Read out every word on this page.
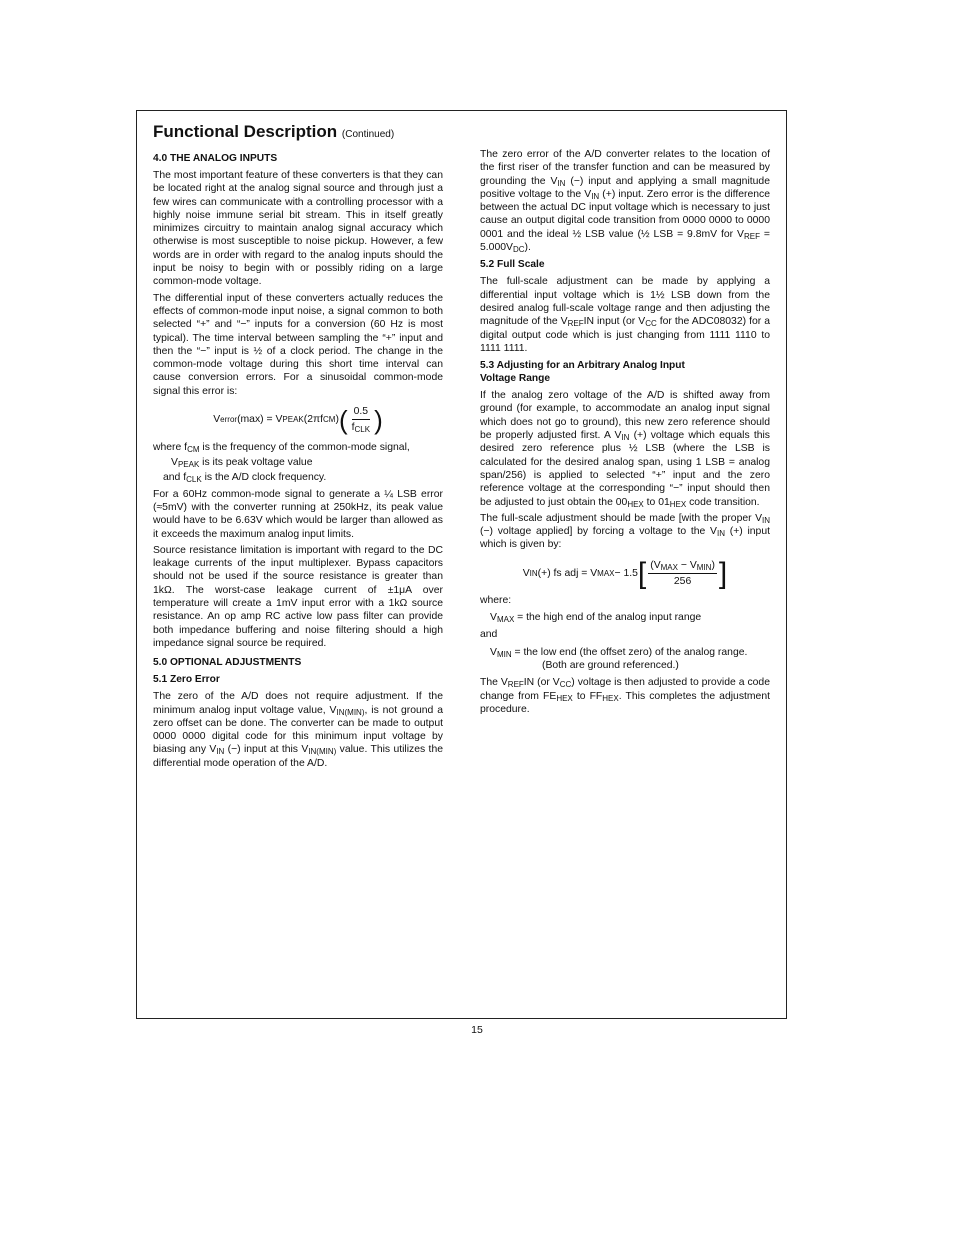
Functional Description (Continued)
4.0 THE ANALOG INPUTS

The most important feature of these converters is that they can be located right at the analog signal source and through just a few wires can communicate with a controlling processor with a highly noise immune serial bit stream. This in itself greatly minimizes circuitry to maintain analog signal accuracy which otherwise is most susceptible to noise pickup. However, a few words are in order with regard to the analog inputs should the input be noisy to begin with or possibly riding on a large common-mode voltage.

The differential input of these converters actually reduces the effects of common-mode input noise, a signal common to both selected “+” and “−” inputs for a conversion (60 Hz is most typical). The time interval between sampling the “+” input and then the “−” input is ½ of a clock period. The change in the common-mode voltage during this short time interval can cause conversion errors. For a sinusoidal common-mode signal this error is:

V error (max) = V PEAK (2πf CM ) ( $\frac{0.5}{f_{CLK}}$ )
where $f_{CM}$ is the frequency of the common-mode signal,
$V_{PEAK}$ is its peak voltage value
and $f_{CLK}$ is the A/D clock frequency.

For a 60Hz common-mode signal to generate a ¼ LSB error (≈5mV) with the converter running at 250kHz, its peak value would have to be 6.63V which would be larger than allowed as it exceeds the maximum analog input limits.

Source resistance limitation is important with regard to the DC leakage currents of the input multiplexer. Bypass capacitors should not be used if the source resistance is greater than 1kΩ. The worst-case leakage current of ±1μA over temperature will create a 1mV input error with a 1kΩ source resistance. An op amp RC active low pass filter can provide both impedance buffering and noise filtering should a high impedance signal source be required.

5.0 OPTIONAL ADJUSTMENTS
5.1 Zero Error

The zero of the A/D does not require adjustment. If the minimum analog input voltage value, $V_{IN(MIN)}$, is not ground a zero offset can be done. The converter can be made to output 0000 0000 digital code for this minimum input voltage by biasing any $V_{IN}$ (−) input at this $V_{IN(MIN)}$ value. This utilizes the differential mode operation of the A/D.

The zero error of the A/D converter relates to the location of the first riser of the transfer function and can be measured by grounding the $V_{IN}$ (−) input and applying a small magnitude positive voltage to the $V_{IN}$ (+) input. Zero error is the difference between the actual DC input voltage which is necessary to just cause an output digital code transition from 0000 0000 to 0000 0001 and the ideal ½ LSB value (½ LSB = 9.8mV for $V_{REF} = 5.000V_{DC}$).

5.2 Full Scale

The full-scale adjustment can be made by applying a differential input voltage which is 1½ LSB down from the desired analog full-scale voltage range and then adjusting the magnitude of the $V_{REF}IN$ input (or $V_{CC}$ for the ADC08032) for a digital output code which is just changing from 1111 1110 to 1111 1111.

5.3 Adjusting for an Arbitrary Analog Input
Voltage Range

If the analog zero voltage of the A/D is shifted away from ground (for example, to accommodate an analog input signal which does not go to ground), this new zero reference should be properly adjusted first. A $V_{IN}$ (+) voltage which equals this desired zero reference plus ½ LSB (where the LSB is calculated for the desired analog span, using 1 LSB = analog span/256) is applied to selected “+” input and the zero reference voltage at the corresponding “−” input should then be adjusted to just obtain the $00_{HEX}$ to $01_{HEX}$ code transition.

The full-scale adjustment should be made [with the proper $V_{IN}$ (−) voltage applied] by forcing a voltage to the $V_{IN}$ (+) input which is given by:

V IN (+) fs adj = V MAX − 1.5 [ $\frac{(V_{MAX} - V_{MIN})}{256}$ ]

where:

$V_{MAX}$ = the high end of the analog input range

and

$V_{MIN}$ = the low end (the offset zero) of the analog range.
(Both are ground referenced.)

The $V_{REF}IN$ (or $V_{CC}$) voltage is then adjusted to provide a code change from $FE_{HEX}$ to $FF_{HEX}$. This completes the adjustment procedure.

15
